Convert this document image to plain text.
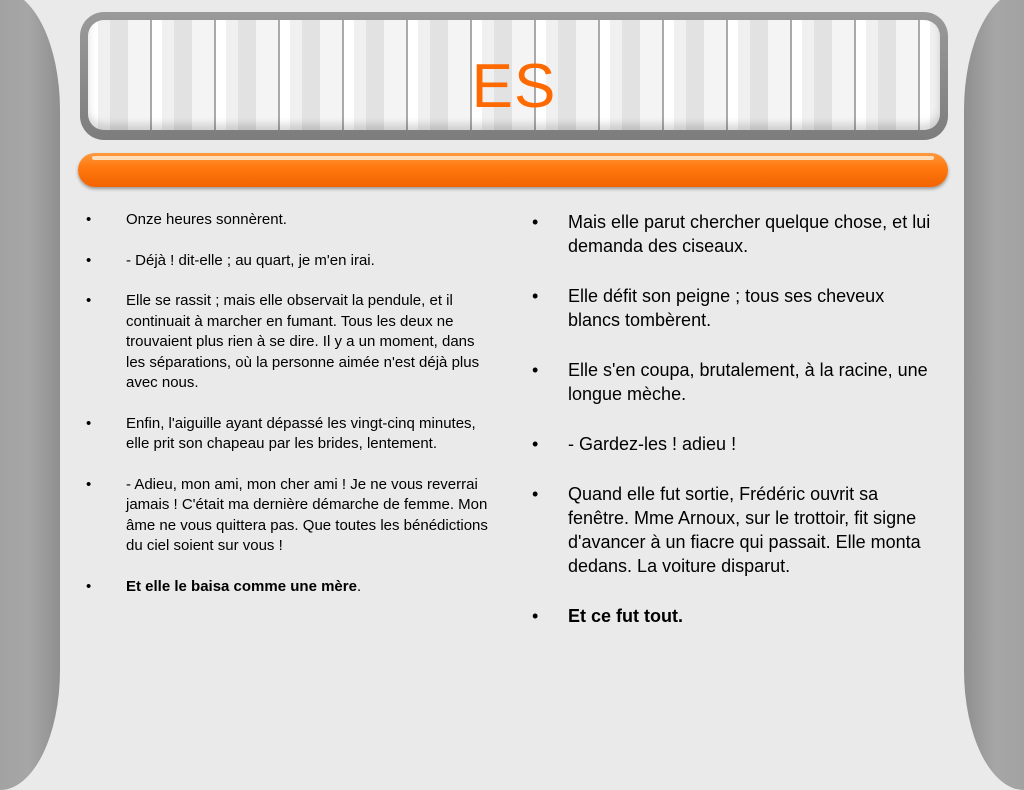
ES
• Onze heures sonnèrent.
• - Déjà ! dit-elle ; au quart, je m'en irai.
• Elle se rassit ; mais elle observait la pendule, et il continuait à marcher en fumant. Tous les deux ne trouvaient plus rien à se dire. Il y a un moment, dans les séparations, où la personne aimée n'est déjà plus avec nous.
• Enfin, l'aiguille ayant dépassé les vingt-cinq minutes, elle prit son chapeau par les brides, lentement.
• - Adieu, mon ami, mon cher ami ! Je ne vous reverrai jamais ! C'était ma dernière démarche de femme. Mon âme ne vous quittera pas. Que toutes les bénédictions du ciel soient sur vous !
• Et elle le baisa comme une mère.
• Mais elle parut chercher quelque chose, et lui demanda des ciseaux.
• Elle défit son peigne ; tous ses cheveux blancs tombèrent.
• Elle s'en coupa, brutalement, à la racine, une longue mèche.
• - Gardez-les ! adieu !
• Quand elle fut sortie, Frédéric ouvrit sa fenêtre. Mme Arnoux, sur le trottoir, fit signe d'avancer à un fiacre qui passait. Elle monta dedans. La voiture disparut.
• Et ce fut tout.
